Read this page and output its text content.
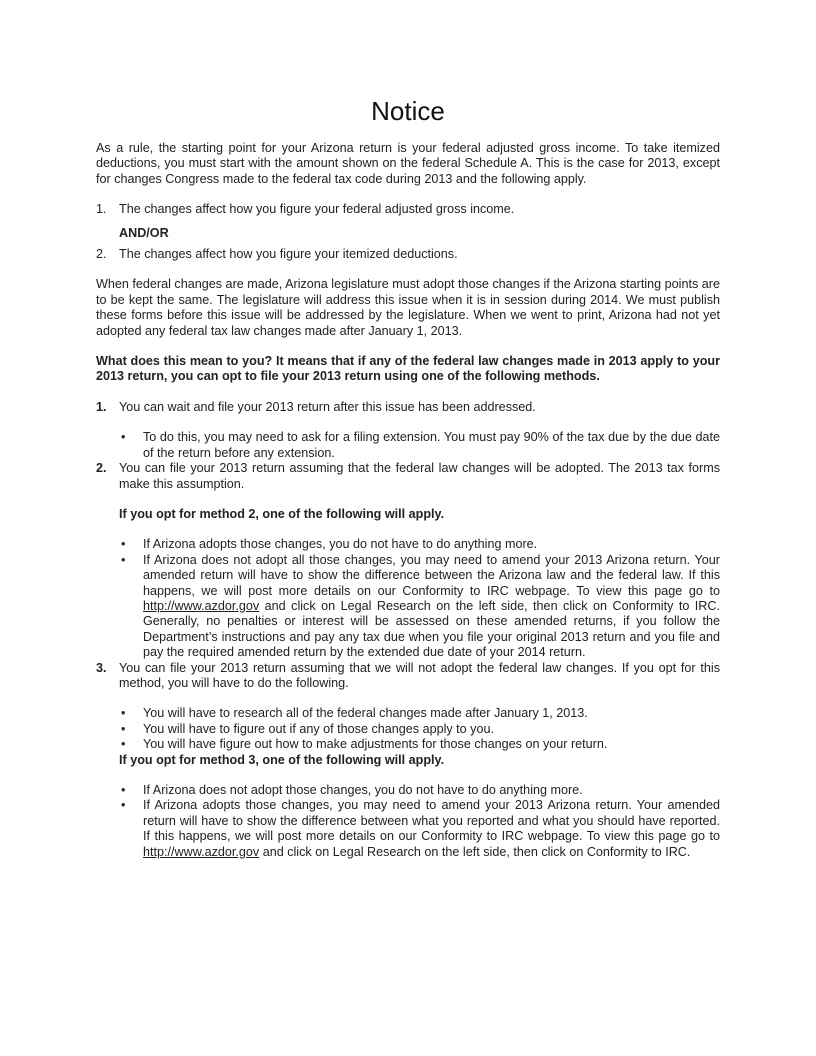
Notice

As a rule, the starting point for your Arizona return is your federal adjusted gross income. To take itemized deductions, you must start with the amount shown on the federal Schedule A. This is the case for 2013, except for changes Congress made to the federal tax code during 2013 and the following apply.

1. The changes affect how you figure your federal adjusted gross income.
AND/OR
2. The changes affect how you figure your itemized deductions.

When federal changes are made, Arizona legislature must adopt those changes if the Arizona starting points are to be kept the same. The legislature will address this issue when it is in session during 2014. We must publish these forms before this issue will be addressed by the legislature. When we went to print, Arizona had not yet adopted any federal tax law changes made after January 1, 2013.

What does this mean to you? It means that if any of the federal law changes made in 2013 apply to your 2013 return, you can opt to file your 2013 return using one of the following methods.

1. You can wait and file your 2013 return after this issue has been addressed.
•	To do this, you may need to ask for a filing extension. You must pay 90% of the tax due by the due date of the return before any extension.
2. You can file your 2013 return assuming that the federal law changes will be adopted. The 2013 tax forms make this assumption.
If you opt for method 2, one of the following will apply.
•	If Arizona adopts those changes, you do not have to do anything more.
•	If Arizona does not adopt all those changes, you may need to amend your 2013 Arizona return. Your amended return will have to show the difference between the Arizona law and the federal law. If this happens, we will post more details on our Conformity to IRC webpage. To view this page go to http://www.azdor.gov and click on Legal Research on the left side, then click on Conformity to IRC. Generally, no penalties or interest will be assessed on these amended returns, if you follow the Department’s instructions and pay any tax due when you file your original 2013 return and you file and pay the required amended return by the extended due date of your 2014 return.
3. You can file your 2013 return assuming that we will not adopt the federal law changes. If you opt for this method, you will have to do the following.
•	You will have to research all of the federal changes made after January 1, 2013.
•	You will have to figure out if any of those changes apply to you.
•	You will have figure out how to make adjustments for those changes on your return.
If you opt for method 3, one of the following will apply.
•	If Arizona does not adopt those changes, you do not have to do anything more.
•	If Arizona adopts those changes, you may need to amend your 2013 Arizona return. Your amended return will have to show the difference between what you reported and what you should have reported. If this happens, we will post more details on our Conformity to IRC webpage. To view this page go to http://www.azdor.gov and click on Legal Research on the left side, then click on Conformity to IRC.
